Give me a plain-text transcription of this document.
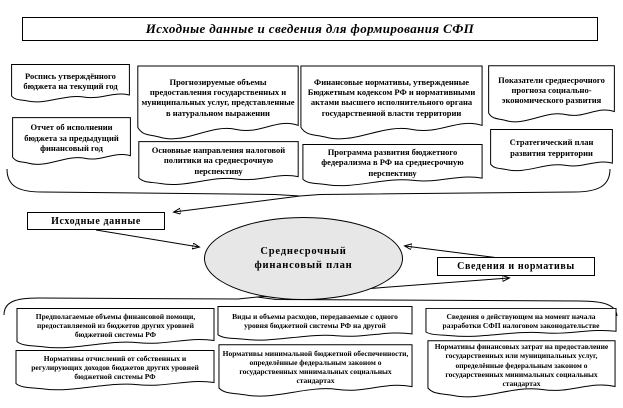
Исходные данные и сведения для формирования СФП
Роспись утверждённого бюджета на текущий год
Отчет об исполнении бюджета за предыдущий финансовый год
Прогнозируемые объемы предоставления государственных и муниципальных услуг, представленные в натуральном выражении
Основные направления налоговой политики на среднесрочную перспективу
Финансовые нормативы, утвержденные Бюджетным кодексом РФ и нормативными актами высшего исполнительного органа государственной власти территории
Программа развития бюджетного федерализма в РФ на среднесрочную перспективу
Показатели среднесрочного прогноза социально-экономического развития
Стратегический план развития территории
Исходные данные
Среднесрочный финансовый план	Сведения и нормативы
Предполагаемые объемы финансовой помощи, предоставляемой из бюджетов других уровней бюджетной системы РФ
Нормативы отчислений от собственных и регулирующих доходов бюджетов других уровней бюджетной системы РФ
Виды и объемы расходов, передаваемые с одного уровня бюджетной системы РФ на другой
Нормативы минимальной бюджетной обеспеченности, определённые федеральным законом о государственных минимальных социальных стандартах
Сведения о действующем на момент начала разработки СФП налоговом законодательстве
Нормативы финансовых затрат на предоставление государственных или муниципальных услуг, определённые федеральным законом о государственных минимальных социальных стандартах
